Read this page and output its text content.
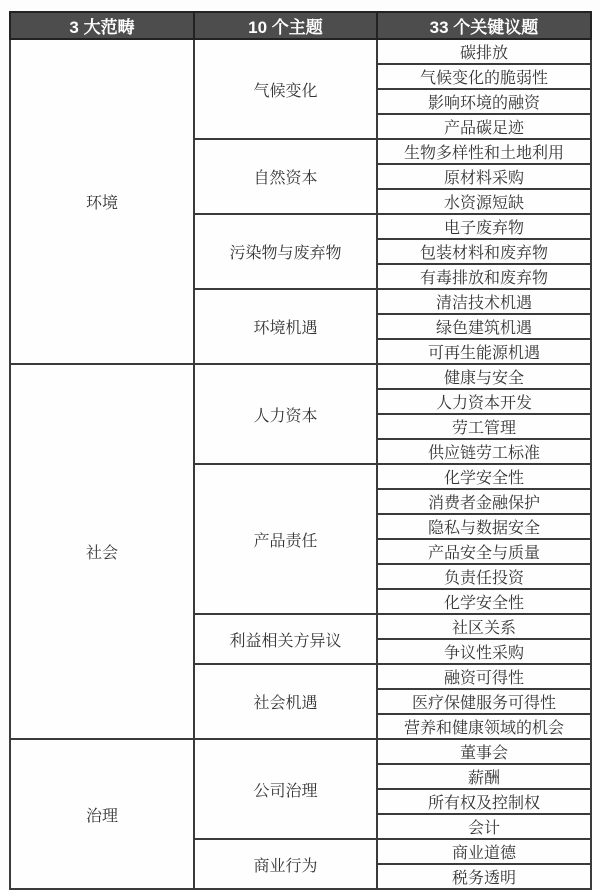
3 大范畴	10 个主题	33 个关键议题
环境	气候变化	碳排放
		气候变化的脆弱性
		影响环境的融资
		产品碳足迹
	自然资本	生物多样性和土地利用
		原材料采购
		水资源短缺
	污染物与废弃物	电子废弃物
		包装材料和废弃物
		有毒排放和废弃物
	环境机遇	清洁技术机遇
		绿色建筑机遇
		可再生能源机遇
社会	人力资本	健康与安全
		人力资本开发
		劳工管理
		供应链劳工标准
	产品责任	化学安全性
		消费者金融保护
		隐私与数据安全
		产品安全与质量
		负责任投资
		化学安全性
	利益相关方异议	社区关系
		争议性采购
	社会机遇	融资可得性
		医疗保健服务可得性
		营养和健康领域的机会
治理	公司治理	董事会
		薪酬
		所有权及控制权
		会计
	商业行为	商业道德
		税务透明
